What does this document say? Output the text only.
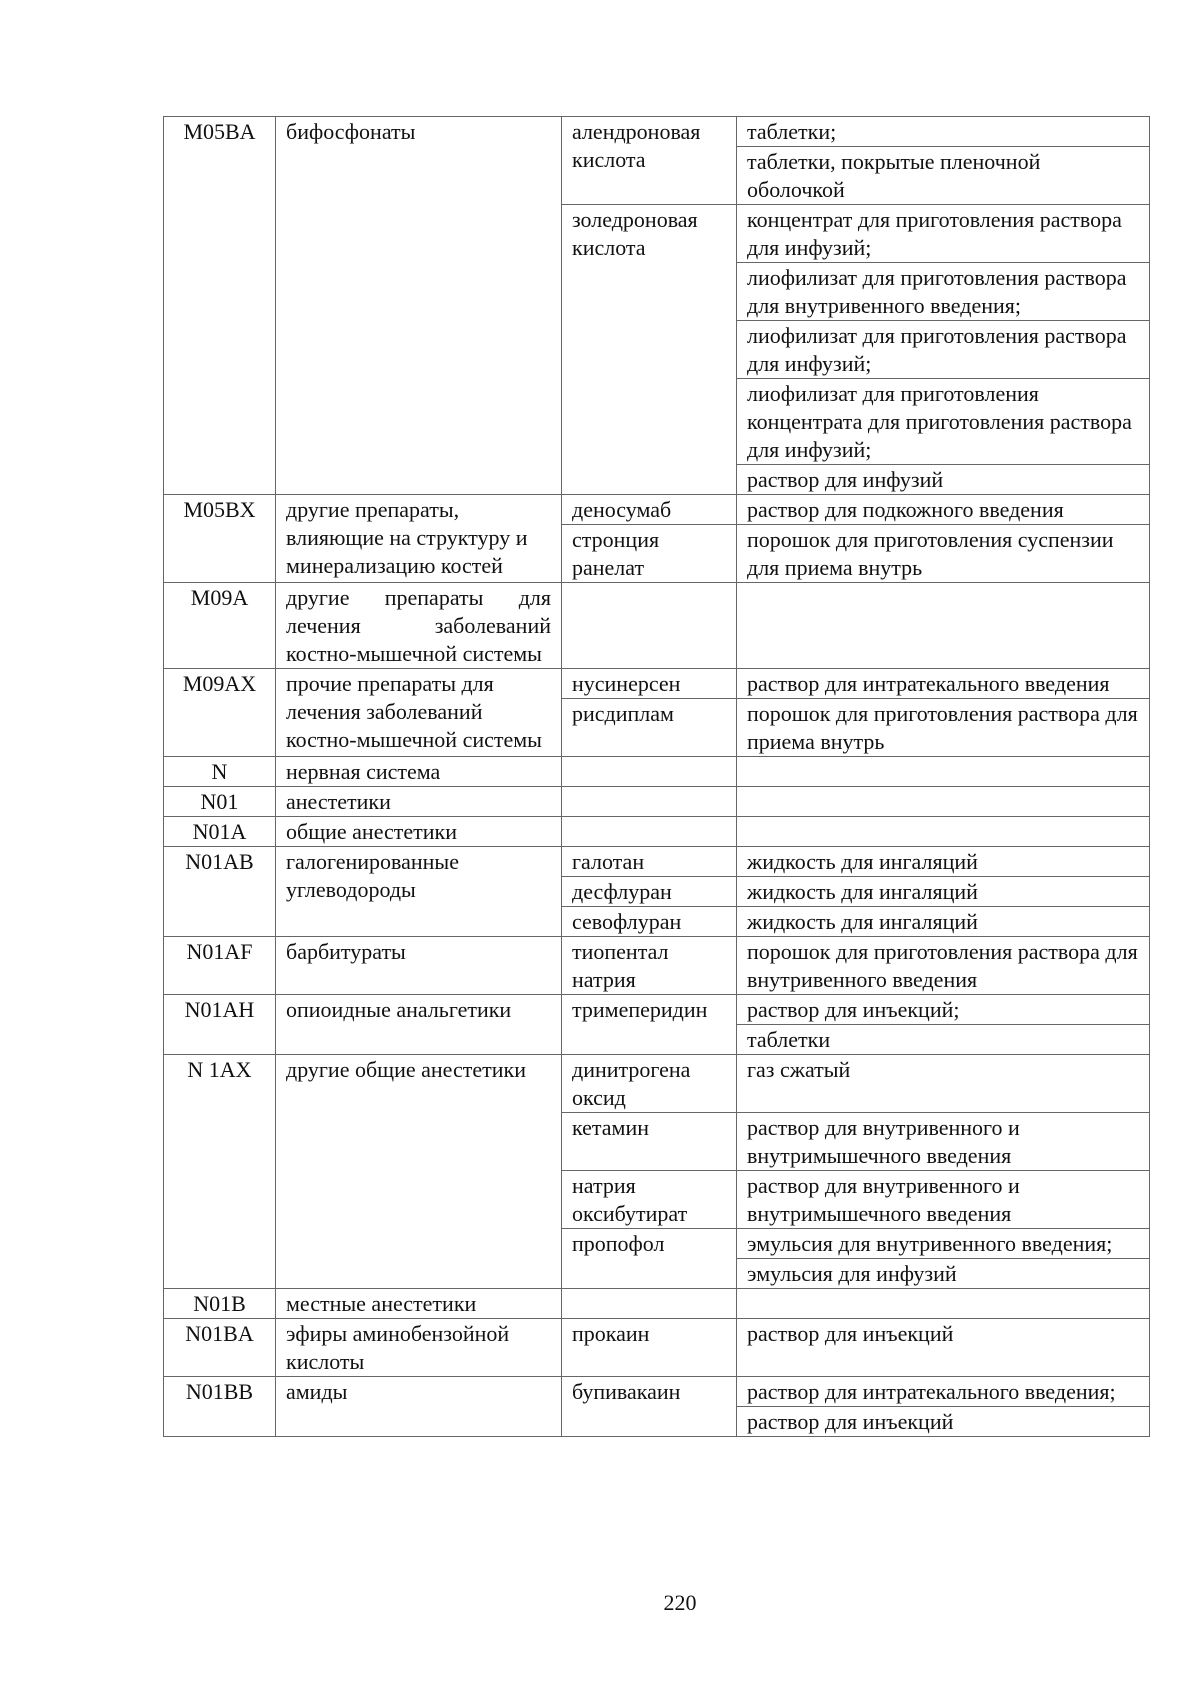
M05BA	бифосфонаты	алендроновая кислота	таблетки;
			таблетки, покрытые пленочной оболочкой
		золедроновая кислота	концентрат для приготовления раствора для инфузий;
			лиофилизат для приготовления раствора для внутривенного введения;
			лиофилизат для приготовления раствора для инфузий;
			лиофилизат для приготовления концентрата для приготовления раствора для инфузий;
			раствор для инфузий
M05BX	другие препараты, влияющие на структуру и минерализацию костей	деносумаб	раствор для подкожного введения
		стронция ранелат	порошок для приготовления суспензии для приема внутрь
M09A	другие препараты для лечения заболеваний костно-мышечной системы		
M09AX	прочие препараты для лечения заболеваний костно-мышечной системы	нусинерсен	раствор для интратекального введения
		рисдиплам	порошок для приготовления раствора для приема внутрь
N	нервная система		
N01	анестетики		
N01A	общие анестетики		
N01AB	галогенированные углеводороды	галотан	жидкость для ингаляций
		десфлуран	жидкость для ингаляций
		севофлуран	жидкость для ингаляций
N01AF	барбитураты	тиопентал натрия	порошок для приготовления раствора для внутривенного введения
N01AH	опиоидные анальгетики	тримеперидин	раствор для инъекций;
			таблетки
N 1AX	другие общие анестетики	динитрогена оксид	газ сжатый
		кетамин	раствор для внутривенного и внутримышечного введения
		натрия оксибутират	раствор для внутривенного и внутримышечного введения
		пропофол	эмульсия для внутривенного введения;
			эмульсия для инфузий
N01B	местные анестетики		
N01BA	эфиры аминобензойной кислоты	прокаин	раствор для инъекций
N01BB	амиды	бупивакаин	раствор для интратекального введения;
			раствор для инъекций
220
